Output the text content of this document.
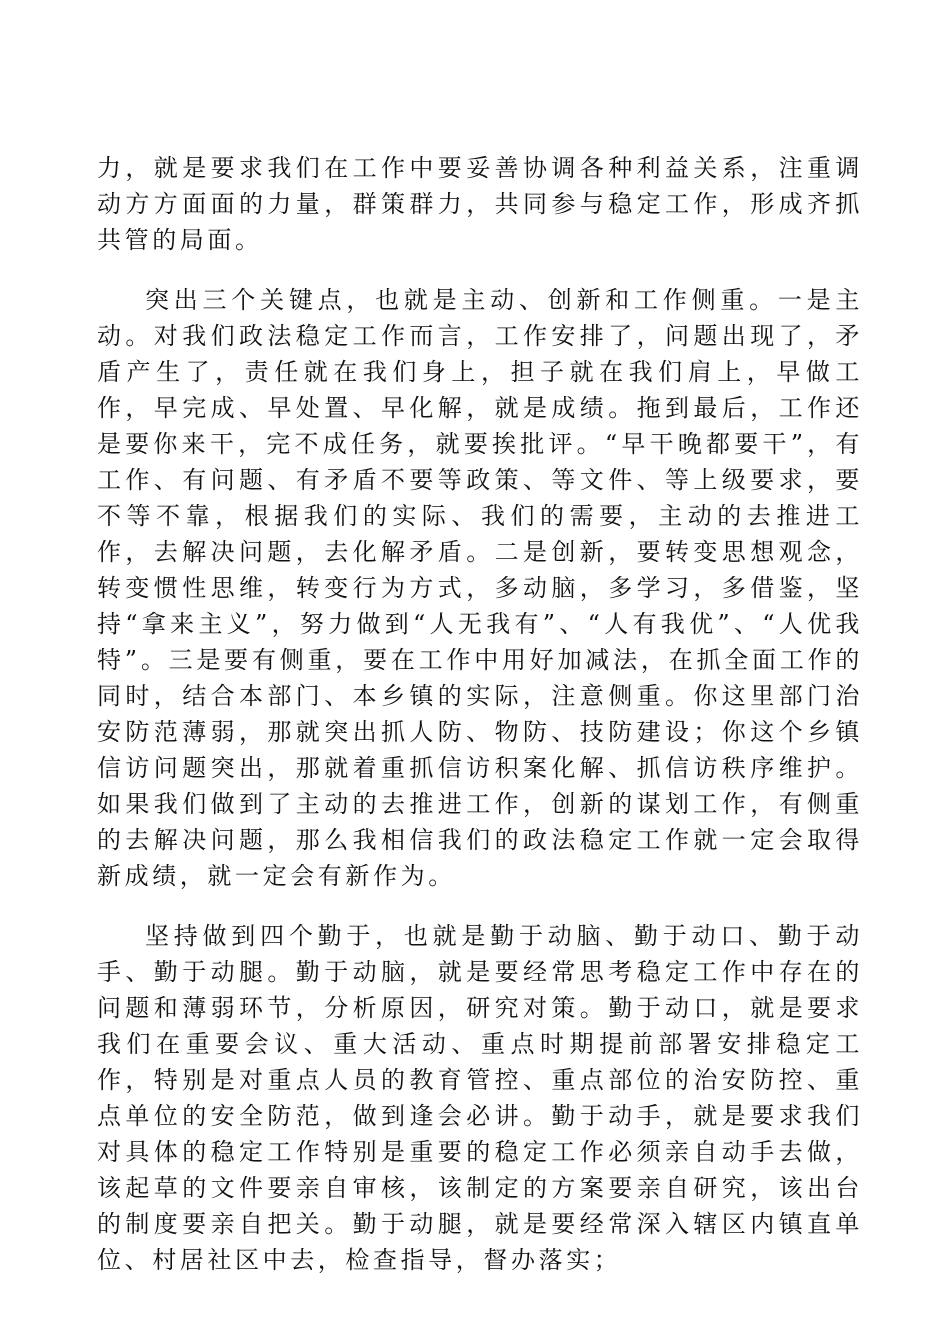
力，就是要求我们在工作中要妥善协调各种利益关系，注重调动方方面面的力量，群策群力，共同参与稳定工作，形成齐抓共管的局面。

突出三个关键点，也就是主动、创新和工作侧重。一是主动。对我们政法稳定工作而言，工作安排了，问题出现了，矛盾产生了，责任就在我们身上，担子就在我们肩上，早做工作，早完成、早处置、早化解，就是成绩。拖到最后，工作还是要你来干，完不成任务，就要挨批评。“早干晚都要干”，有工作、有问题、有矛盾不要等政策、等文件、等上级要求，要不等不靠，根据我们的实际、我们的需要，主动的去推进工作，去解决问题，去化解矛盾。二是创新，要转变思想观念，转变惯性思维，转变行为方式，多动脑，多学习，多借鉴，坚持“拿来主义”，努力做到“人无我有”、“人有我优”、“人优我特”。三是要有侧重，要在工作中用好加减法，在抓全面工作的同时，结合本部门、本乡镇的实际，注意侧重。你这里部门治安防范薄弱，那就突出抓人防、物防、技防建设；你这个乡镇信访问题突出，那就着重抓信访积案化解、抓信访秩序维护。如果我们做到了主动的去推进工作，创新的谋划工作，有侧重的去解决问题，那么我相信我们的政法稳定工作就一定会取得新成绩，就一定会有新作为。

坚持做到四个勤于，也就是勤于动脑、勤于动口、勤于动手、勤于动腿。勤于动脑，就是要经常思考稳定工作中存在的问题和薄弱环节，分析原因，研究对策。勤于动口，就是要求我们在重要会议、重大活动、重点时期提前部署安排稳定工作，特别是对重点人员的教育管控、重点部位的治安防控、重点单位的安全防范，做到逢会必讲。勤于动手，就是要求我们对具体的稳定工作特别是重要的稳定工作必须亲自动手去做，该起草的文件要亲自审核，该制定的方案要亲自研究，该出台的制度要亲自把关。勤于动腿，就是要经常深入辖区内镇直单位、村居社区中去，检查指导，督办落实；
